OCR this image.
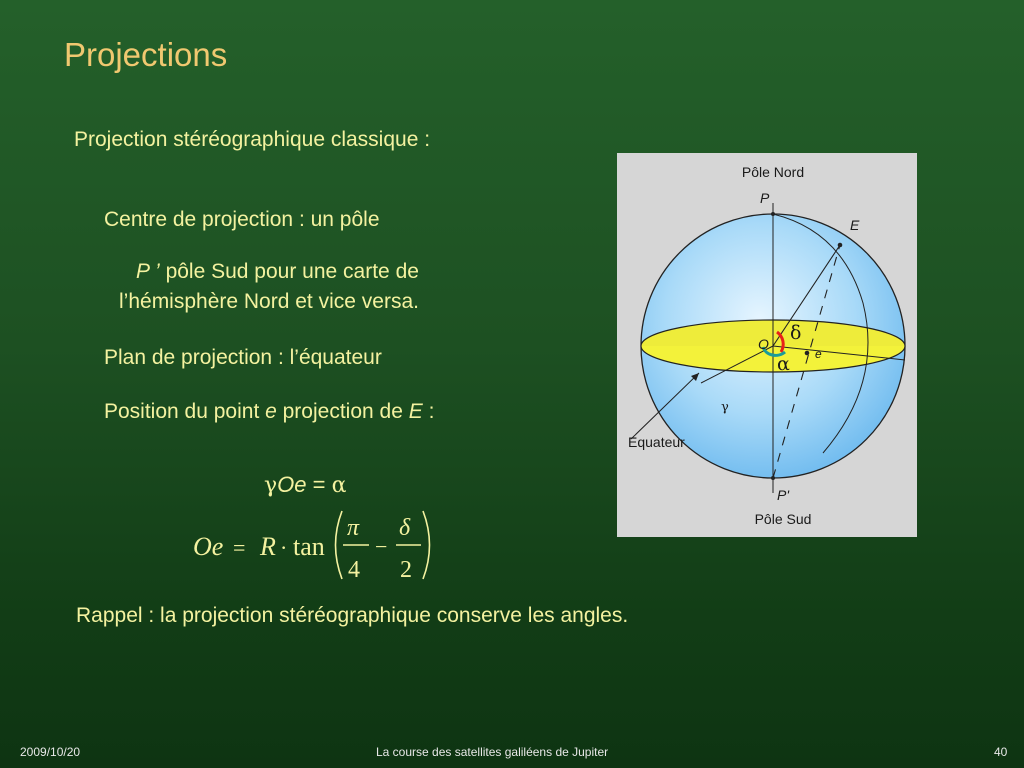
Projections
Projection stéréographique classique :
Centre de projection : un pôle
P ’ pôle Sud pour une carte de
l’hémisphère Nord et vice versa.
Plan de projection : l’équateur
Position du point e projection de E :
γOe = α
Oe = R · tan
π
4
−
δ
2
Pôle Nord
P
E
O δ
e
α
γ
Equateur
P'
Pôle Sud
Rappel : la projection stéréographique conserve les angles.
2009/10/20	La course des satellites galiléens de Jupiter	40
